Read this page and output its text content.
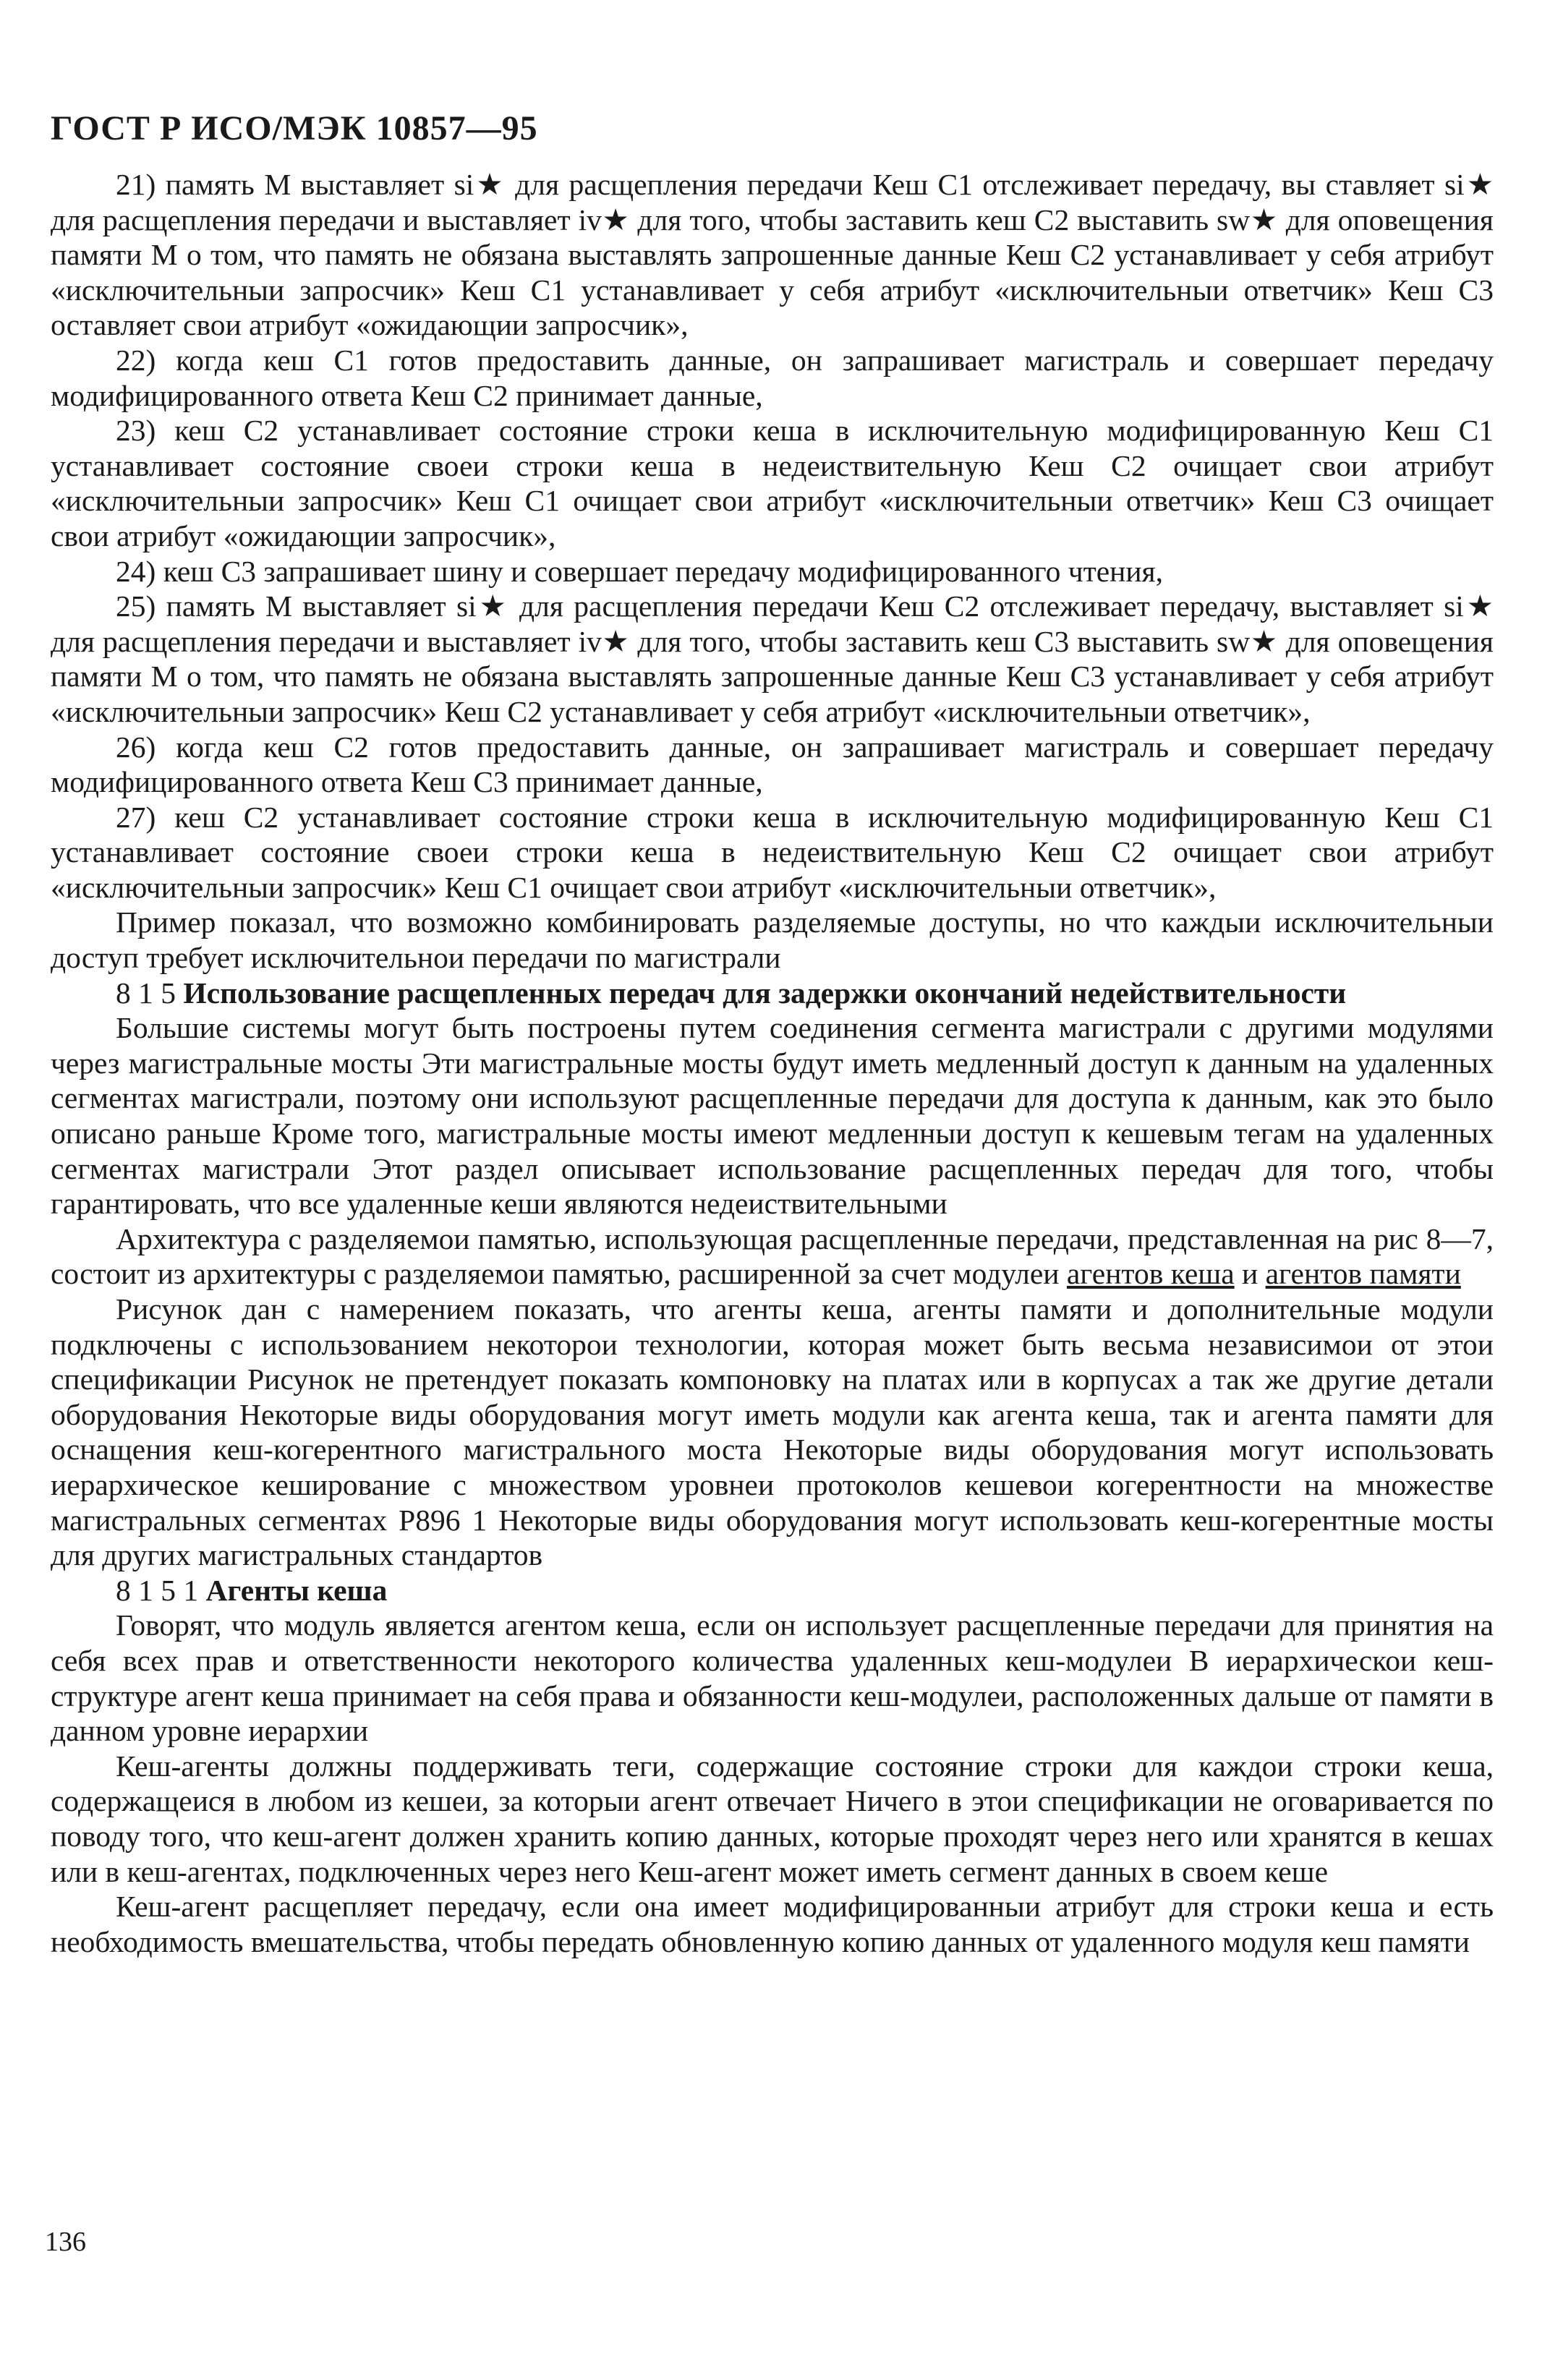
ГОСТ Р ИСО/МЭК 10857—95

21) память М выставляет si★ для расщепления передачи Кеш С1 отслеживает передачу, вы ставляет si★ для расщепления передачи и выставляет iv★ для того, чтобы заставить кеш С2 выставить sw★ для оповещения памяти М о том, что память не обязана выставлять запрошенные данные Кеш С2 устанавливает у себя атрибут «исключительныи запросчик» Кеш С1 устанавливает у себя атрибут «исключительныи ответчик» Кеш С3 оставляет свои атрибут «ожидающии запросчик»,

22) когда кеш С1 готов предоставить данные, он запрашивает магистраль и совершает передачу модифицированного ответа Кеш С2 принимает данные,

23) кеш С2 устанавливает состояние строки кеша в исключительную модифицированную Кеш С1 устанавливает состояние своеи строки кеша в недеиствительную Кеш С2 очищает свои атрибут «исключительныи запросчик» Кеш С1 очищает свои атрибут «исключительныи ответчик» Кеш С3 очищает свои атрибут «ожидающии запросчик»,

24) кеш С3 запрашивает шину и совершает передачу модифицированного чтения,

25) память М выставляет si★ для расщепления передачи Кеш С2 отслеживает передачу, выставляет si★ для расщепления передачи и выставляет iv★ для того, чтобы заставить кеш С3 выставить sw★ для оповещения памяти М о том, что память не обязана выставлять запрошенные данные Кеш С3 устанавливает у себя атрибут «исключительныи запросчик» Кеш С2 устанавливает у себя атрибут «исключительныи ответчик»,

26) когда кеш С2 готов предоставить данные, он запрашивает магистраль и совершает передачу модифицированного ответа Кеш С3 принимает данные,

27) кеш С2 устанавливает состояние строки кеша в исключительную модифицированную Кеш С1 устанавливает состояние своеи строки кеша в недеиствительную Кеш С2 очищает свои атрибут «исключительныи запросчик» Кеш С1 очищает свои атрибут «исключительныи ответчик»,

Пример показал, что возможно комбинировать разделяемые доступы, но что каждыи исключительныи доступ требует исключительнои передачи по магистрали

8 1 5 Использование расщепленных передач для задержки окончаний недействительности

Большие системы могут быть построены путем соединения сегмента магистрали с другими модулями через магистральные мосты Эти магистральные мосты будут иметь медленный доступ к данным на удаленных сегментах магистрали, поэтому они используют расщепленные передачи для доступа к данным, как это было описано раньше Кроме того, магистральные мосты имеют медленныи доступ к кешевым тегам на удаленных сегментах магистрали Этот раздел описывает использование расщепленных передач для того, чтобы гарантировать, что все удаленные кеши являются недеиствительными

Архитектура с разделяемои памятью, использующая расщепленные передачи, представленная на рис 8—7, состоит из архитектуры с разделяемои памятью, расширенной за счет модулеи агентов кеша и агентов памяти

Рисунок дан с намерением показать, что агенты кеша, агенты памяти и дополнительные модули подключены с использованием некоторои технологии, которая может быть весьма независимои от этои спецификации Рисунок не претендует показать компоновку на платах или в корпусах а так же другие детали оборудования Некоторые виды оборудования могут иметь модули как агента кеша, так и агента памяти для оснащения кеш-когерентного магистрального моста Некоторые виды оборудования могут использовать иерархическое кеширование с множеством уровнеи протоколов кешевои когерентности на множестве магистральных сегментах Р896 1 Некоторые виды оборудования могут использовать кеш-когерентные мосты для других магистральных стандартов

8 1 5 1 Агенты кеша

Говорят, что модуль является агентом кеша, если он использует расщепленные передачи для принятия на себя всех прав и ответственности некоторого количества удаленных кеш-модулеи В иерархическои кеш-структуре агент кеша принимает на себя права и обязанности кеш-модулеи, расположенных дальше от памяти в данном уровне иерархии

Кеш-агенты должны поддерживать теги, содержащие состояние строки для каждои строки кеша, содержащеися в любом из кешеи, за которыи агент отвечает Ничего в этои спецификации не оговаривается по поводу того, что кеш-агент должен хранить копию данных, которые проходят через него или хранятся в кешах или в кеш-агентах, подключенных через него Кеш-агент может иметь сегмент данных в своем кеше

Кеш-агент расщепляет передачу, если она имеет модифицированныи атрибут для строки кеша и есть необходимость вмешательства, чтобы передать обновленную копию данных от удаленного модуля кеш памяти

136
